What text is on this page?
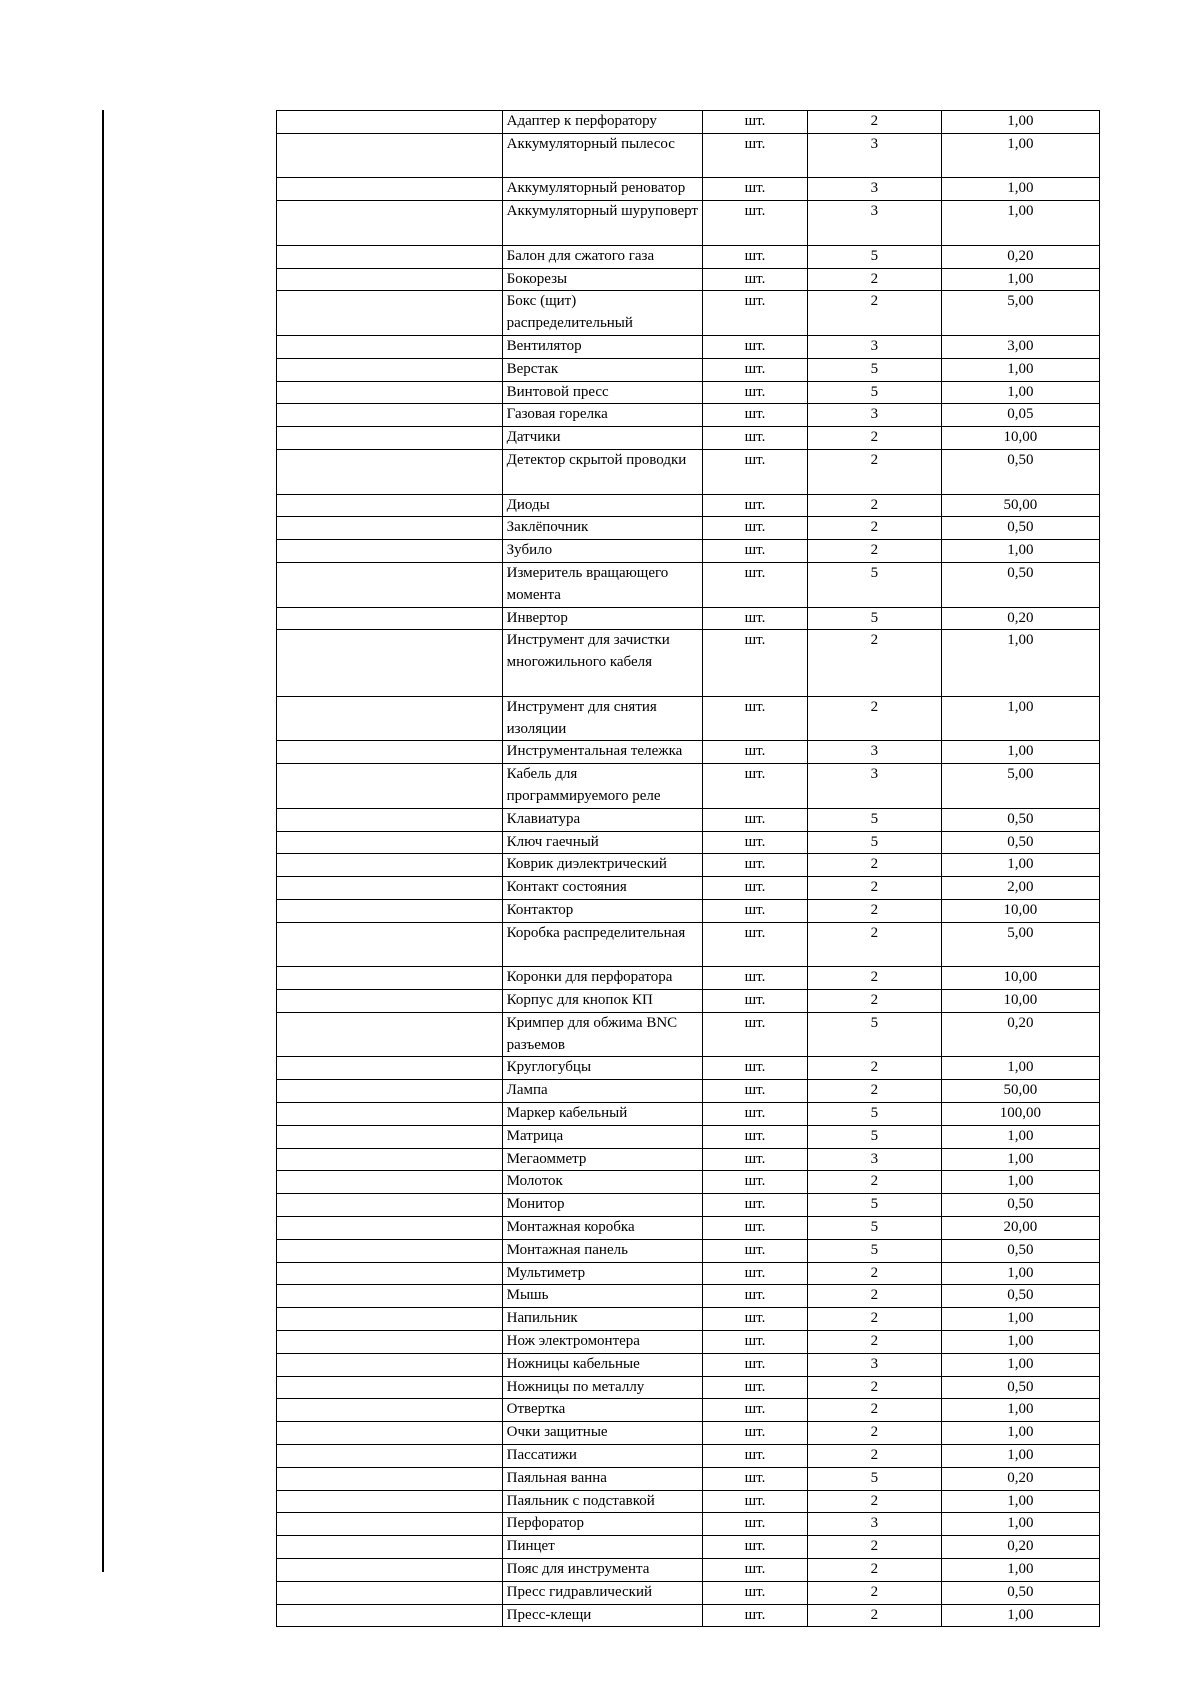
	Адаптер к перфоратору	шт.	2	1,00
	Аккумуляторный пылесос	шт.	3	1,00
	Аккумуляторный реноватор	шт.	3	1,00
	Аккумуляторный шуруповерт	шт.	3	1,00
	Балон для сжатого газа	шт.	5	0,20
	Бокорезы	шт.	2	1,00
	Бокс (щит) распределительный	шт.	2	5,00
	Вентилятор	шт.	3	3,00
	Верстак	шт.	5	1,00
	Винтовой пресс	шт.	5	1,00
	Газовая горелка	шт.	3	0,05
	Датчики	шт.	2	10,00
	Детектор скрытой проводки	шт.	2	0,50
	Диоды	шт.	2	50,00
	Заклёпочник	шт.	2	0,50
	Зубило	шт.	2	1,00
	Измеритель вращающего момента	шт.	5	0,50
	Инвертор	шт.	5	0,20
	Инструмент для зачистки многожильного кабеля	шт.	2	1,00
	Инструмент для снятия изоляции	шт.	2	1,00
	Инструментальная тележка	шт.	3	1,00
	Кабель для программируемого реле	шт.	3	5,00
	Клавиатура	шт.	5	0,50
	Ключ гаечный	шт.	5	0,50
	Коврик диэлектрический	шт.	2	1,00
	Контакт состояния	шт.	2	2,00
	Контактор	шт.	2	10,00
	Коробка распределительная	шт.	2	5,00
	Коронки для перфоратора	шт.	2	10,00
	Корпус для кнопок КП	шт.	2	10,00
	Кримпер для обжима BNC разъемов	шт.	5	0,20
	Круглогубцы	шт.	2	1,00
	Лампа	шт.	2	50,00
	Маркер кабельный	шт.	5	100,00
	Матрица	шт.	5	1,00
	Мегаомметр	шт.	3	1,00
	Молоток	шт.	2	1,00
	Монитор	шт.	5	0,50
	Монтажная коробка	шт.	5	20,00
	Монтажная панель	шт.	5	0,50
	Мультиметр	шт.	2	1,00
	Мышь	шт.	2	0,50
	Напильник	шт.	2	1,00
	Нож электромонтера	шт.	2	1,00
	Ножницы кабельные	шт.	3	1,00
	Ножницы по металлу	шт.	2	0,50
	Отвертка	шт.	2	1,00
	Очки защитные	шт.	2	1,00
	Пассатижи	шт.	2	1,00
	Паяльная ванна	шт.	5	0,20
	Паяльник с подставкой	шт.	2	1,00
	Перфоратор	шт.	3	1,00
	Пинцет	шт.	2	0,20
	Пояс для инструмента	шт.	2	1,00
	Пресс гидравлический	шт.	2	0,50
	Пресс-клещи	шт.	2	1,00
